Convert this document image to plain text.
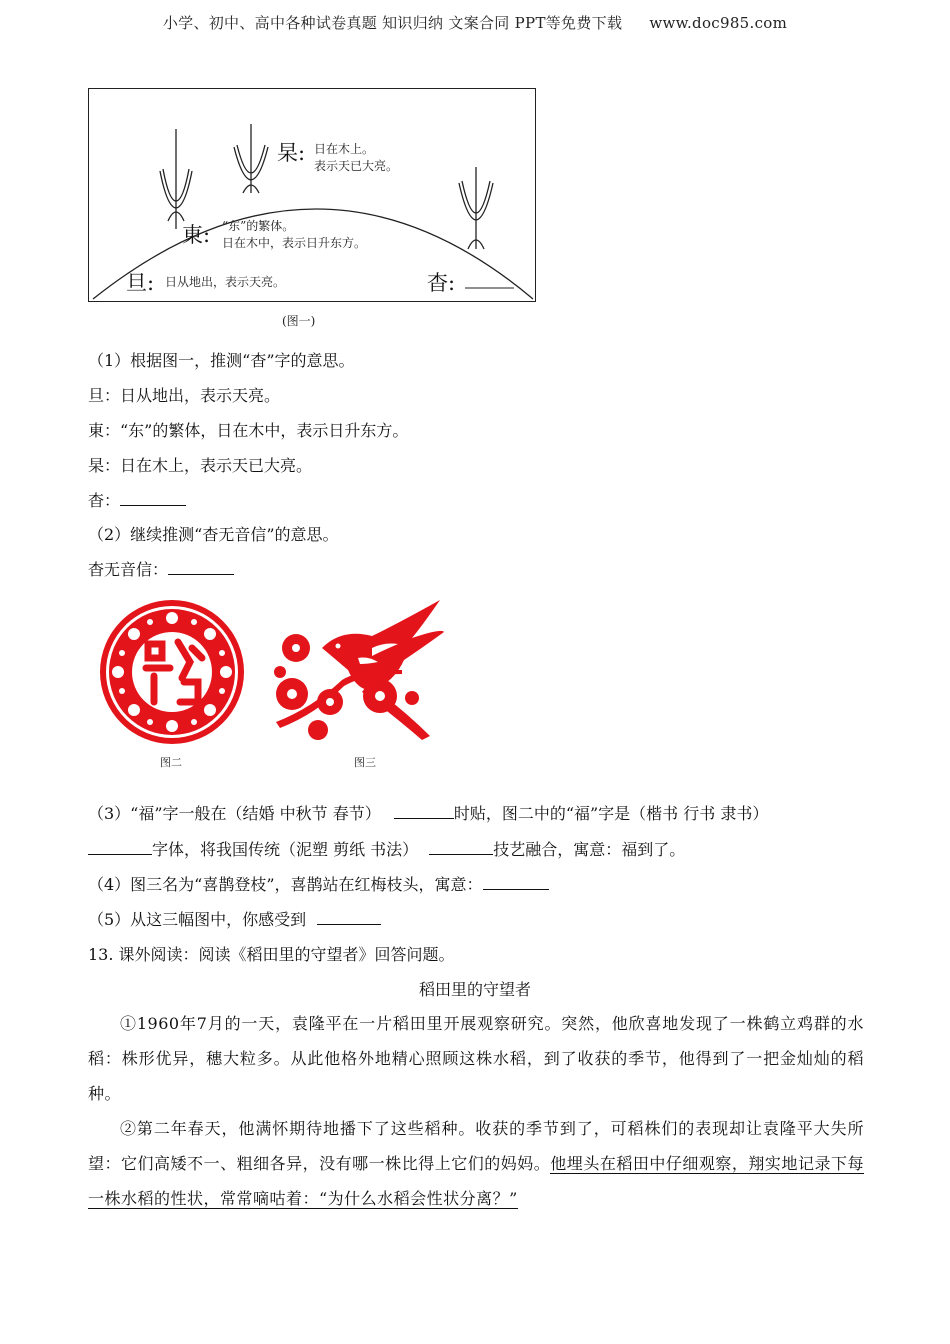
小学、初中、高中各种试卷真题 知识归纳 文案合同 PPT等免费下载 www.doc985.com
杲: 日在木上。
表示天已大亮。
東: “东”的繁体。
日在木中，表示日升东方。
旦: 日从地出，表示天亮。	杳:
(图一)
（1）根据图一，推测“杳”字的意思。
旦：日从地出，表示天亮。
東：“东”的繁体，日在木中，表示日升东方。
杲：日在木上，表示天已大亮。
杳：
（2）继续推测“杳无音信”的意思。
杳无音信：
图二	图三
（3）“福”字一般在（结婚 中秋节 春节）	时贴，图二中的“福”字是（楷书 行书 隶书）
字体，将我国传统（泥塑 剪纸 书法）	技艺融合，寓意：福到了。
（4）图三名为“喜鹊登枝”，喜鹊站在红梅枝头，寓意：
（5）从这三幅图中，你感受到
13. 课外阅读：阅读《稻田里的守望者》回答问题。
稻田里的守望者
①1960年7月的一天，袁隆平在一片稻田里开展观察研究。突然，他欣喜地发现了一株鹤立鸡群的水稻：株形优异，穗大粒多。从此他格外地精心照顾这株水稻，到了收获的季节，他得到了一把金灿灿的稻种。
②第二年春天，他满怀期待地播下了这些稻种。收获的季节到了，可稻株们的表现却让袁隆平大失所望：它们高矮不一、粗细各异，没有哪一株比得上它们的妈妈。他埋头在稻田中仔细观察，翔实地记录下每一株水稻的性状，常常嘀咕着：“为什么水稻会性状分离？”
